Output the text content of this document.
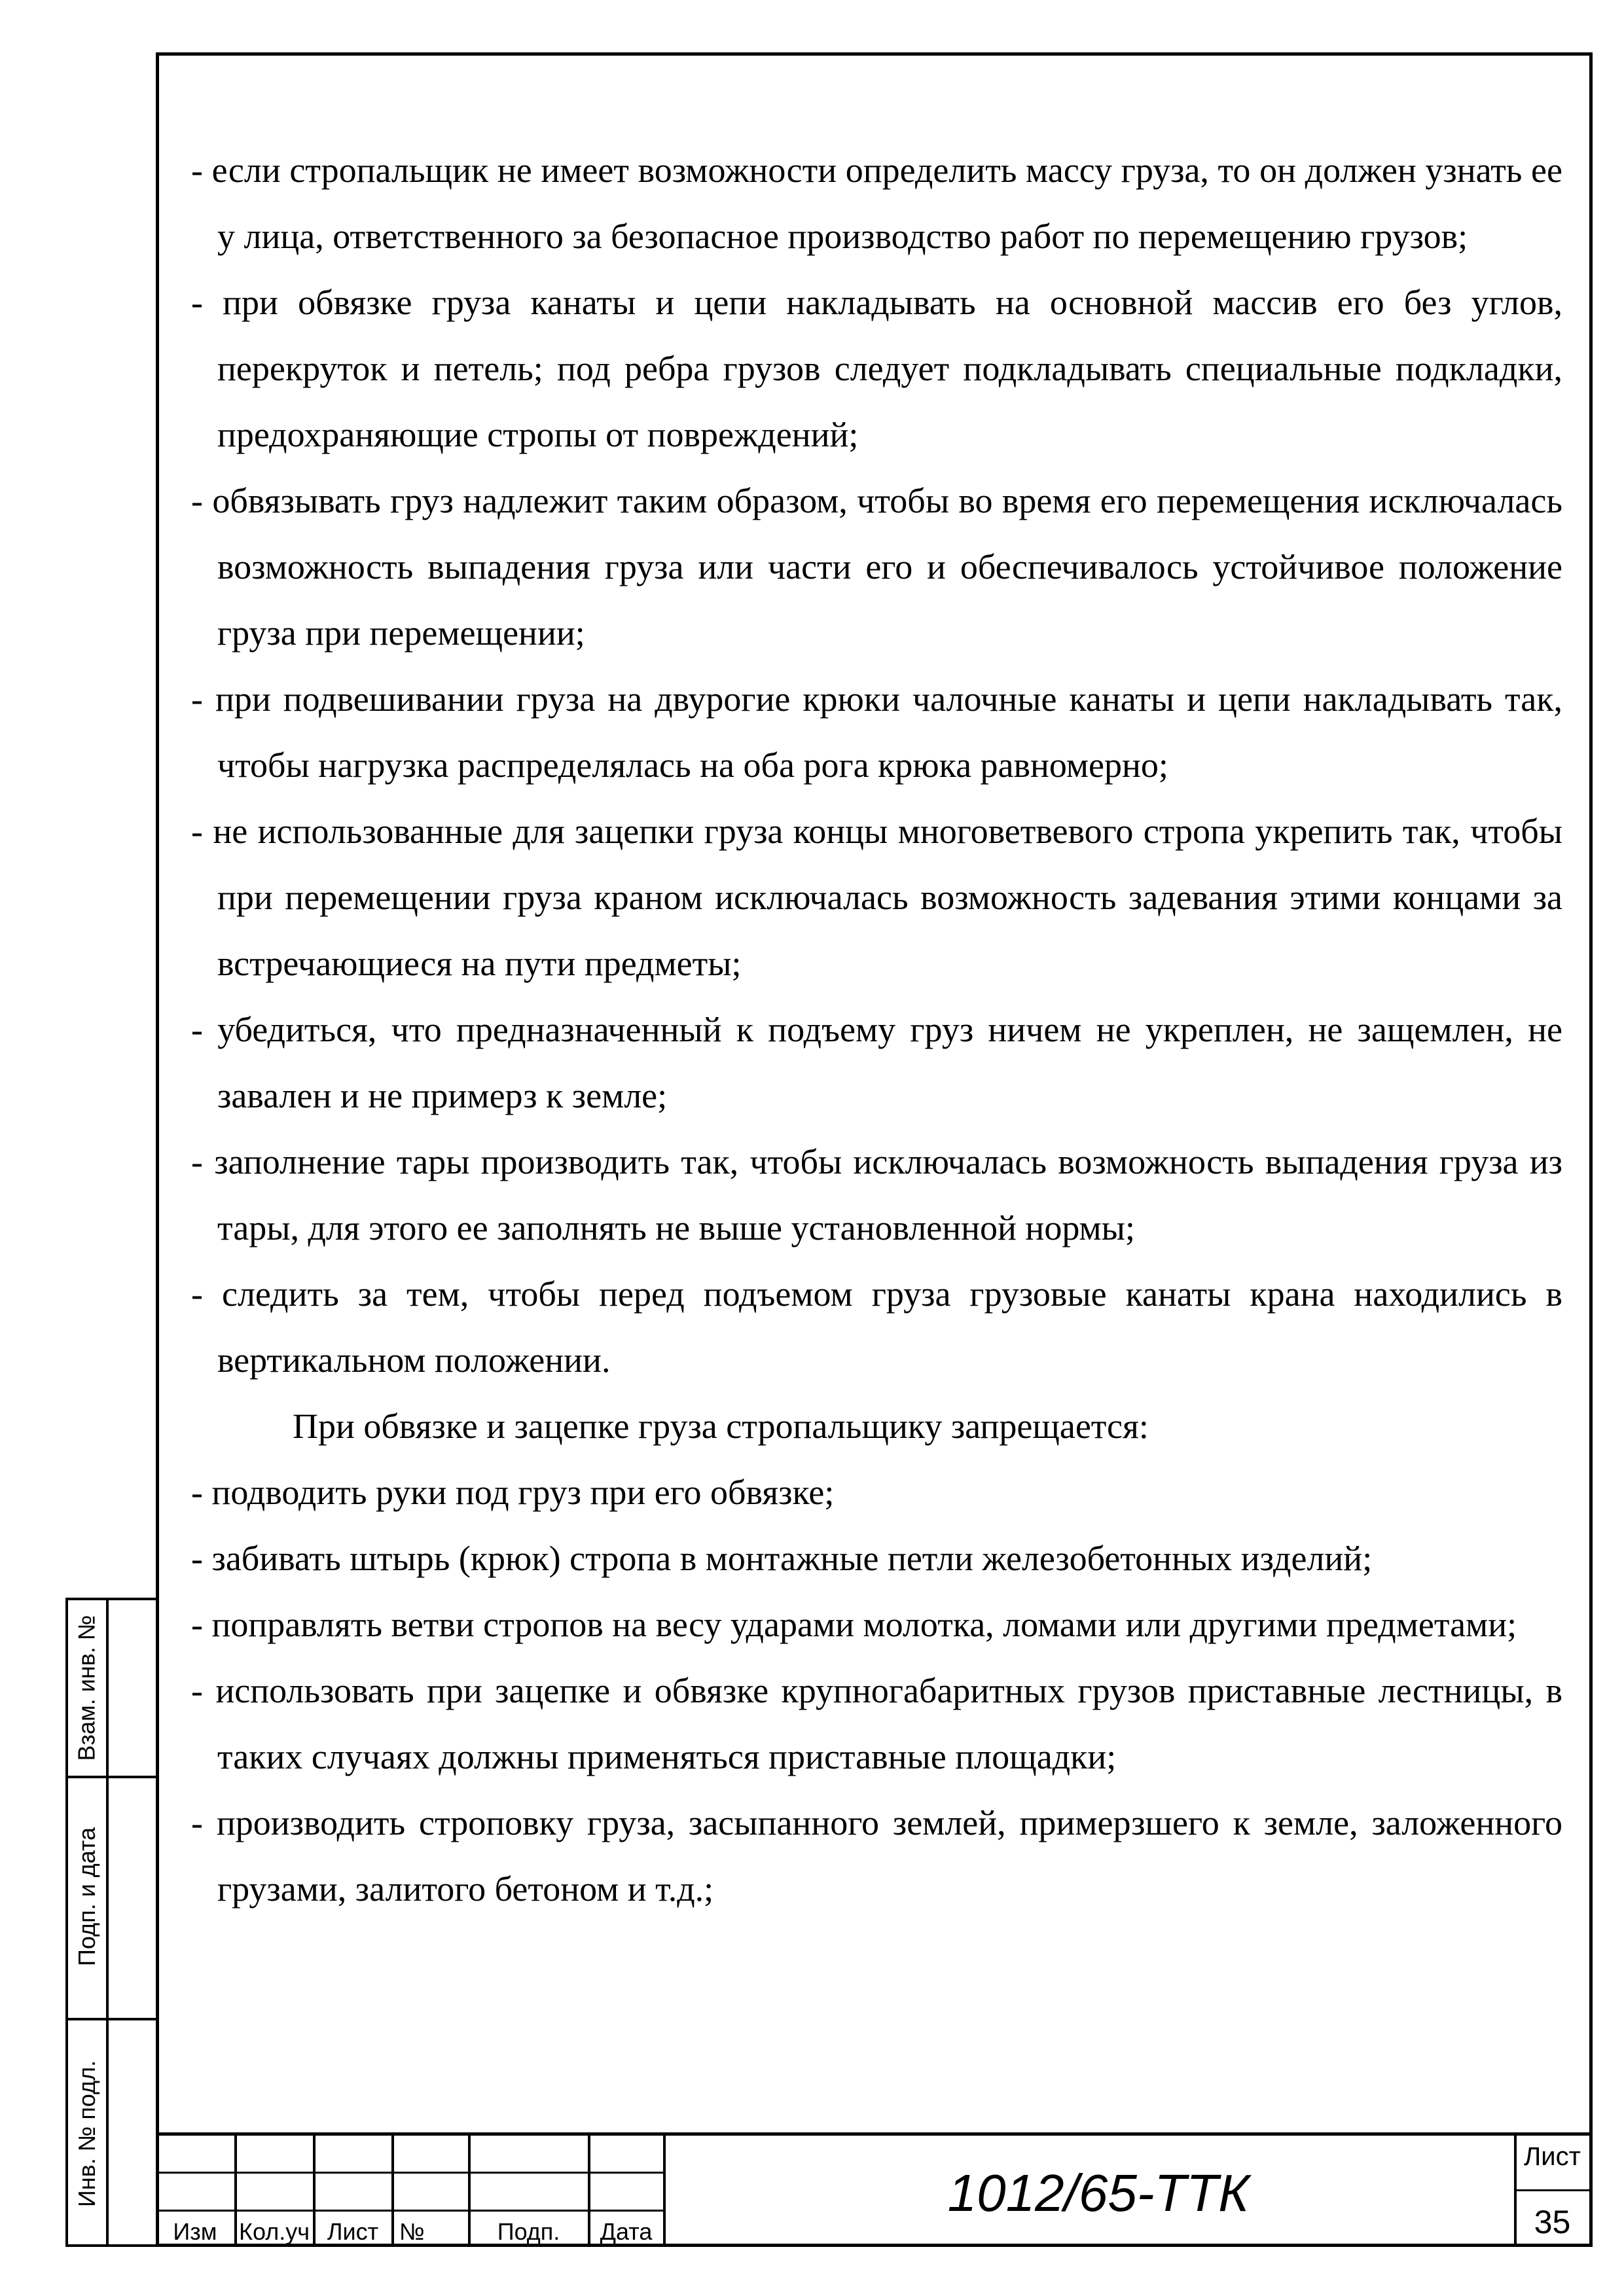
- если стропальщик не имеет возможности определить массу груза, то он должен узнать ее у лица, ответственного за безопасное производство работ по перемещению грузов;

- при обвязке груза канаты и цепи накладывать на основной массив его без углов, перекруток и петель; под ребра грузов следует подкладывать специальные подкладки, предохраняющие стропы от повреждений;

- обвязывать груз надлежит таким образом, чтобы во время его перемещения исключалась возможность выпадения груза или части его и обеспечивалось устойчивое положение груза при перемещении;

- при подвешивании груза на двурогие крюки чалочные канаты и цепи накладывать так, чтобы нагрузка распределялась на оба рога крюка равномерно;

- не использованные для зацепки груза концы многоветвевого стропа укрепить так, чтобы при перемещении груза краном исключалась возможность задевания этими концами за встречающиеся на пути предметы;

- убедиться, что предназначенный к подъему груз ничем не укреплен, не защемлен, не завален и не примерз к земле;

- заполнение тары производить так, чтобы исключалась возможность выпадения груза из тары, для этого ее заполнять не выше установленной нормы;

- следить за тем, чтобы перед подъемом груза грузовые канаты крана находились в вертикальном положении.

При обвязке и зацепке груза стропальщику запрещается:

- подводить руки под груз при его обвязке;

- забивать штырь (крюк) стропа в монтажные петли железобетонных изделий;

- поправлять ветви стропов на весу ударами молотка, ломами или другими предметами;

- использовать при зацепке и обвязке крупногабаритных грузов приставные лестницы, в таких случаях должны применяться приставные площадки;

- производить строповку груза, засыпанного землей, примерзшего к земле, заложенного грузами, залитого бетоном и т.д.;

Взам. инв. №
Подп. и дата
Инв. № подл.
Изм Кол.уч Лист №	Подп.	Дата
1012/65-ТТК
Лист
35
